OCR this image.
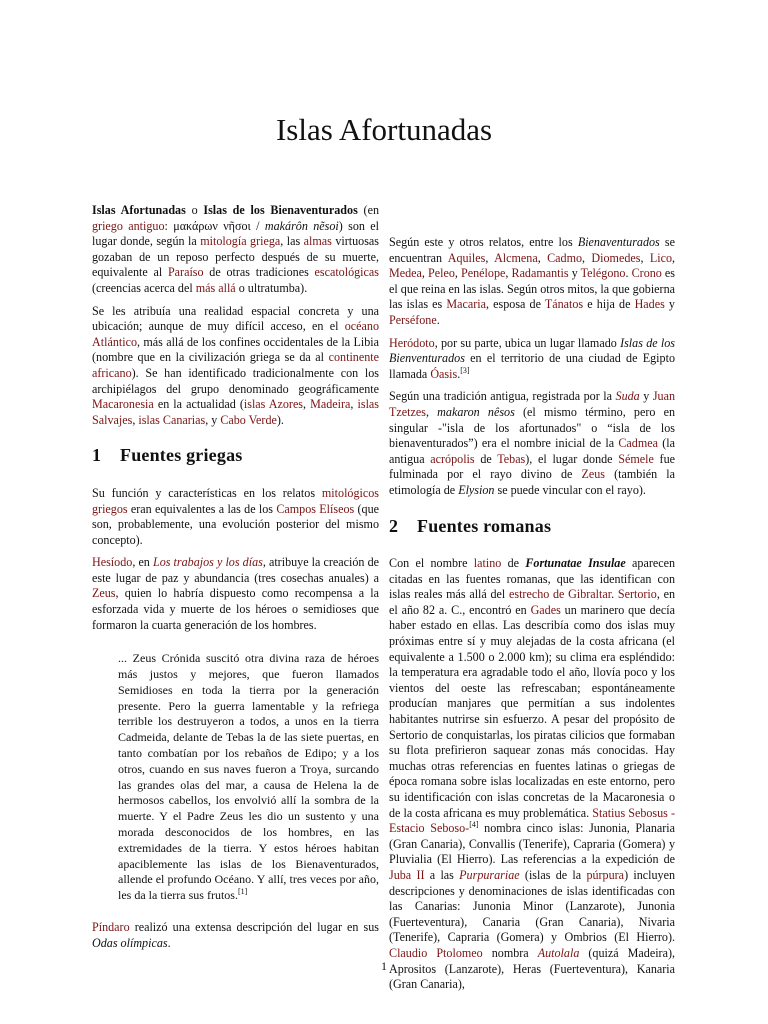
Islas Afortunadas

Islas Afortunadas o Islas de los Bienaventurados (en griego antiguo: μακάρων νῆσοι / makárôn nẽsoi) son el lugar donde, según la mitología griega, las almas virtuosas gozaban de un reposo perfecto después de su muerte, equivalente al Paraíso de otras tradiciones escatológicas (creencias acerca del más allá o ultratumba).

Se les atribuía una realidad espacial concreta y una ubicación; aunque de muy difícil acceso, en el océano Atlántico, más allá de los confines occidentales de la Libia (nombre que en la civilización griega se da al continente africano). Se han identificado tradicionalmente con los archipiélagos del grupo denominado geográficamente Macaronesia en la actualidad (islas Azores, Madeira, islas Salvajes, islas Canarias, y Cabo Verde).

1 Fuentes griegas

Su función y características en los relatos mitológicos griegos eran equivalentes a las de los Campos Elíseos (que son, probablemente, una evolución posterior del mismo concepto).

Hesíodo, en Los trabajos y los días, atribuye la creación de este lugar de paz y abundancia (tres cosechas anuales) a Zeus, quien lo habría dispuesto como recompensa a la esforzada vida y muerte de los héroes o semidioses que formaron la cuarta generación de los hombres.

... Zeus Crónida suscitó otra divina raza de héroes más justos y mejores, que fueron llamados Semidioses en toda la tierra por la generación presente. Pero la guerra lamentable y la refriega terrible los destruyeron a todos, a unos en la tierra Cadmeida, delante de Tebas la de las siete puertas, en tanto combatían por los rebaños de Edipo; y a los otros, cuando en sus naves fueron a Troya, surcando las grandes olas del mar, a causa de Helena la de hermosos cabellos, los envolvió allí la sombra de la muerte. Y el Padre Zeus les dio un sustento y una morada desconocidos de los hombres, en las extremidades de la tierra. Y estos héroes habitan apaciblemente las islas de los Bienaventurados, allende el profundo Océano. Y allí, tres veces por año, les da la tierra sus frutos.[1]

Píndaro realizó una extensa descripción del lugar en sus Odas olímpicas.

Según este y otros relatos, entre los Bienaventurados se encuentran Aquiles, Alcmena, Cadmo, Diomedes, Lico, Medea, Peleo, Penélope, Radamantis y Telégono. Crono es el que reina en las islas. Según otros mitos, la que gobierna las islas es Macaria, esposa de Tánatos e hija de Hades y Perséfone.

Heródoto, por su parte, ubica un lugar llamado Islas de los Bienventurados en el territorio de una ciudad de Egipto llamada Óasis.[3]

Según una tradición antigua, registrada por la Suda y Juan Tzetzes, makaron nêsos (el mismo término, pero en singular -"isla de los afortunados" o “isla de los bienaventurados”) era el nombre inicial de la Cadmea (la antigua acrópolis de Tebas), el lugar donde Sémele fue fulminada por el rayo divino de Zeus (también la etimología de Elysion se puede vincular con el rayo).

2 Fuentes romanas

Con el nombre latino de Fortunatae Insulae aparecen citadas en las fuentes romanas, que las identifican con islas reales más allá del estrecho de Gibraltar. Sertorio, en el año 82 a. C., encontró en Gades un marinero que decía haber estado en ellas. Las describía como dos islas muy próximas entre sí y muy alejadas de la costa africana (el equivalente a 1.500 o 2.000 km); su clima era espléndido: la temperatura era agradable todo el año, llovía poco y los vientos del oeste las refrescaban; espontáneamente producían manjares que permitían a sus indolentes habitantes nutrirse sin esfuerzo. A pesar del propósito de Sertorio de conquistarlas, los piratas cilicios que formaban su flota prefirieron saquear zonas más conocidas. Hay muchas otras referencias en fuentes latinas o griegas de época romana sobre islas localizadas en este entorno, pero su identificación con islas concretas de la Macaronesia o de la costa africana es muy problemática. Statius Sebosus -Estacio Seboso-[4] nombra cinco islas: Junonia, Planaria (Gran Canaria), Convallis (Tenerife), Capraria (Gomera) y Pluvialia (El Hierro). Las referencias a la expedición de Juba II a las Purpurariae (islas de la púrpura) incluyen descripciones y denominaciones de islas identificadas con las Canarias: Junonia Minor (Lanzarote), Junonia (Fuerteventura), Canaria (Gran Canaria), Nivaria (Tenerife), Capraria (Gomera) y Ombrios (El Hierro). Claudio Ptolomeo nombra Autolala (quizá Madeira), Aprositos (Lanzarote), Heras (Fuerteventura), Kanaria (Gran Canaria),

1
